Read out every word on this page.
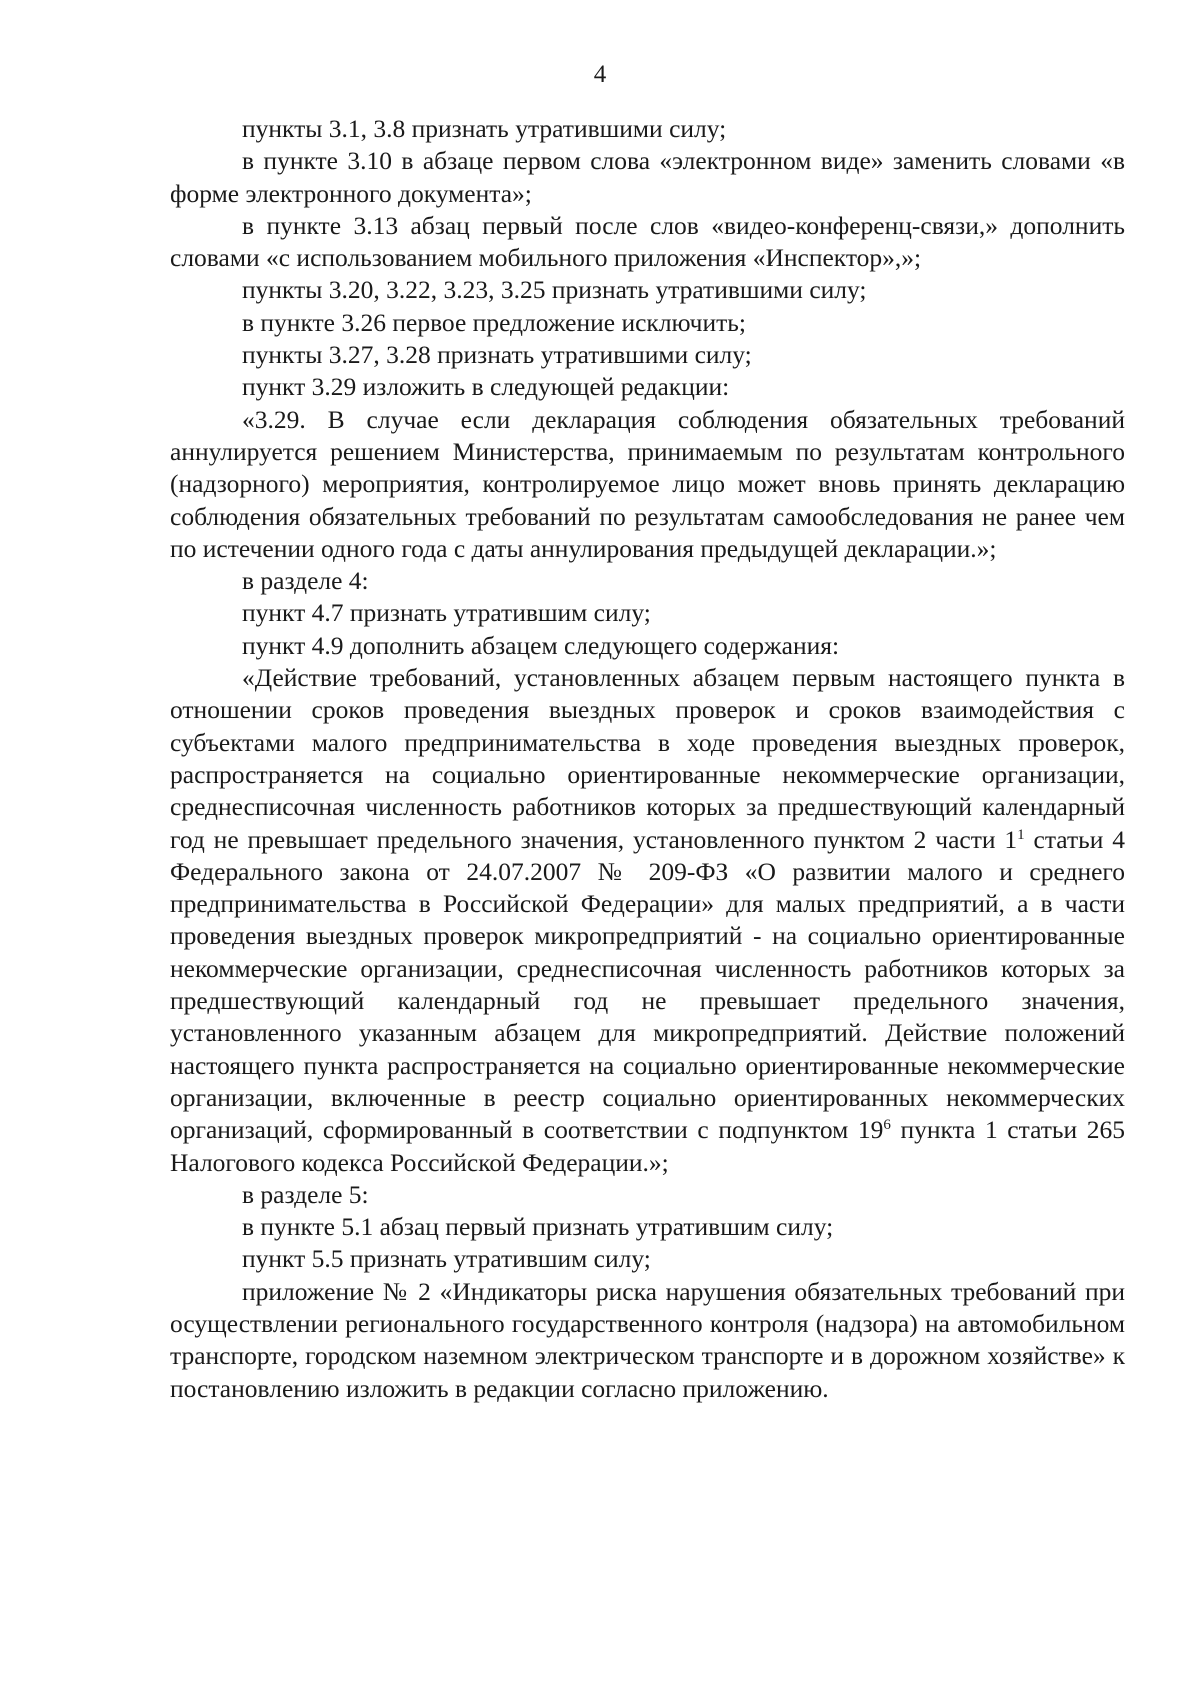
4

пункты 3.1, 3.8 признать утратившими силу;

в пункте 3.10 в абзаце первом слова «электронном виде» заменить словами «в форме электронного документа»;

в пункте 3.13 абзац первый после слов «видео-конференц-связи,» дополнить словами «с использованием мобильного приложения «Инспектор»,»;

пункты 3.20, 3.22, 3.23, 3.25 признать утратившими силу;

в пункте 3.26 первое предложение исключить;

пункты 3.27, 3.28 признать утратившими силу;

пункт 3.29 изложить в следующей редакции:

«3.29. В случае если декларация соблюдения обязательных требований аннулируется решением Министерства, принимаемым по результатам контрольного (надзорного) мероприятия, контролируемое лицо может вновь принять декларацию соблюдения обязательных требований по результатам самообследования не ранее чем по истечении одного года с даты аннулирования предыдущей декларации.»;

в разделе 4:

пункт 4.7 признать утратившим силу;

пункт 4.9 дополнить абзацем следующего содержания:

«Действие требований, установленных абзацем первым настоящего пункта в отношении сроков проведения выездных проверок и сроков взаимодействия с субъектами малого предпринимательства в ходе проведения выездных проверок, распространяется на социально ориентированные некоммерческие организации, среднесписочная численность работников которых за предшествующий календарный год не превышает предельного значения, установленного пунктом 2 части $1^1$ статьи 4 Федерального закона от 24.07.2007 № 209-ФЗ «О развитии малого и среднего предпринимательства в Российской Федерации» для малых предприятий, а в части проведения выездных проверок микропредприятий - на социально ориентированные некоммерческие организации, среднесписочная численность работников которых за предшествующий календарный год не превышает предельного значения, установленного указанным абзацем для микропредприятий. Действие положений настоящего пункта распространяется на социально ориентированные некоммерческие организации, включенные в реестр социально ориентированных некоммерческих организаций, сформированный в соответствии с подпунктом $19^6$ пункта 1 статьи 265 Налогового кодекса Российской Федерации.»;

в разделе 5:

в пункте 5.1 абзац первый признать утратившим силу;

пункт 5.5 признать утратившим силу;

приложение № 2 «Индикаторы риска нарушения обязательных требований при осуществлении регионального государственного контроля (надзора) на автомобильном транспорте, городском наземном электрическом транспорте и в дорожном хозяйстве» к постановлению изложить в редакции согласно приложению.
